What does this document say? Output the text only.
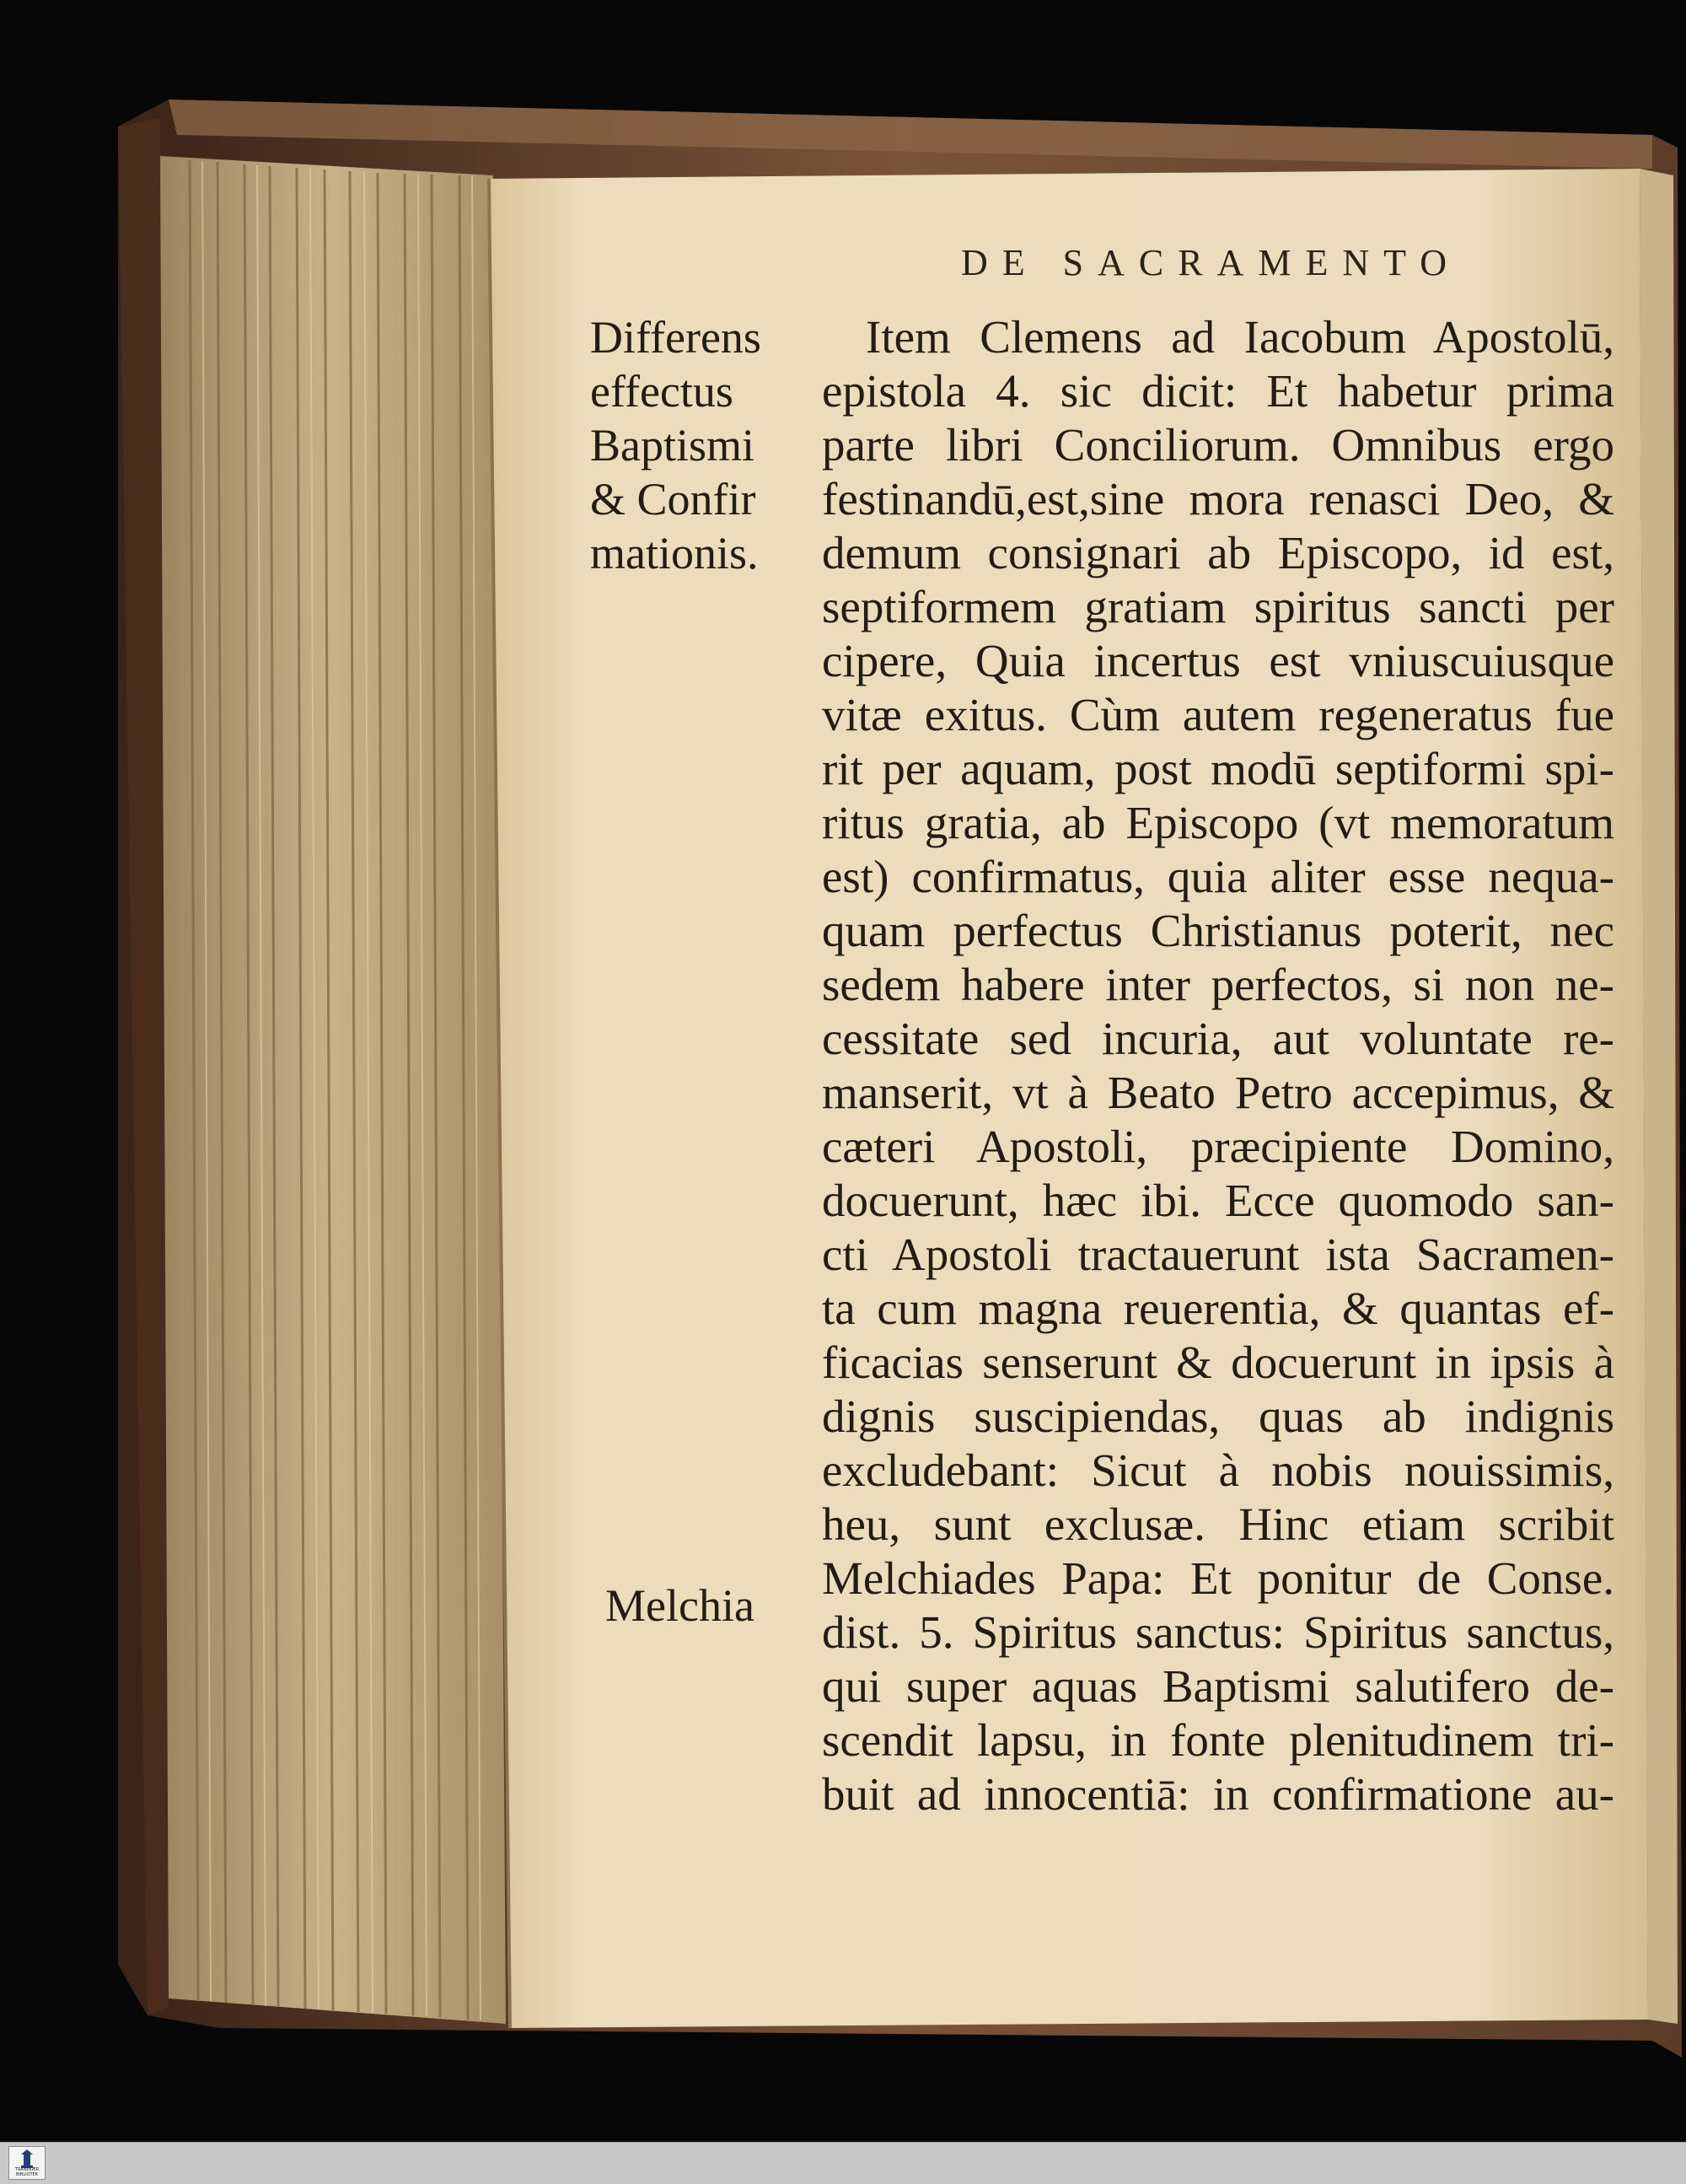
DE SACRAMENTO
Differens
effectus
Baptismi
& Confir
mationis.
Melchia
Item Clemens ad Iacobum Apostolū,
epistola 4. sic dicit: Et habetur prima
parte libri Conciliorum. Omnibus ergo
festinandū,est,sine mora renasci Deo, &
demum consignari ab Episcopo, id est,
septiformem gratiam spiritus sancti per
cipere, Quia incertus est vniuscuiusque
vitæ exitus. Cùm autem regeneratus fue
rit per aquam, post modū septiformi spi-
ritus gratia, ab Episcopo (vt memoratum
est) confirmatus, quia aliter esse nequa-
quam perfectus Christianus poterit, nec
sedem habere inter perfectos, si non ne-
cessitate sed incuria, aut voluntate re-
manserit, vt à Beato Petro accepimus, &
cæteri Apostoli, præcipiente Domino,
docuerunt, hæc ibi. Ecce quomodo san-
cti Apostoli tractauerunt ista Sacramen-
ta cum magna reuerentia, & quantas ef-
ficacias senserunt & docuerunt in ipsis à
dignis suscipiendas, quas ab indignis
excludebant: Sicut à nobis nouissimis,
heu, sunt exclusæ. Hinc etiam scribit
Melchiades Papa: Et ponitur de Conse.
dist. 5. Spiritus sanctus: Spiritus sanctus,
qui super aquas Baptismi salutifero de-
scendit lapsu, in fonte plenitudinem tri-
buit ad innocentiā: in confirmatione au-
TRANEKÆR BIBLIOTEK
